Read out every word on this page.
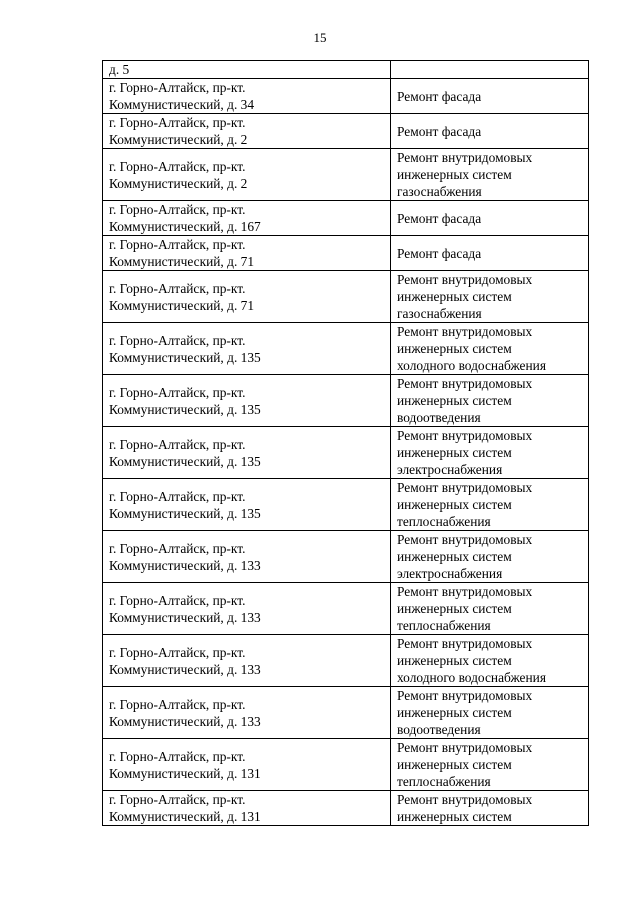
15
д. 5	
г. Горно-Алтайск, пр-кт.
Коммунистический, д. 34	Ремонт фасада
г. Горно-Алтайск, пр-кт.
Коммунистический, д. 2	Ремонт фасада
г. Горно-Алтайск, пр-кт.
Коммунистический, д. 2	Ремонт внутридомовых
инженерных систем
газоснабжения
г. Горно-Алтайск, пр-кт.
Коммунистический, д. 167	Ремонт фасада
г. Горно-Алтайск, пр-кт.
Коммунистический, д. 71	Ремонт фасада
г. Горно-Алтайск, пр-кт.
Коммунистический, д. 71	Ремонт внутридомовых
инженерных систем
газоснабжения
г. Горно-Алтайск, пр-кт.
Коммунистический, д. 135	Ремонт внутридомовых
инженерных систем
холодного водоснабжения
г. Горно-Алтайск, пр-кт.
Коммунистический, д. 135	Ремонт внутридомовых
инженерных систем
водоотведения
г. Горно-Алтайск, пр-кт.
Коммунистический, д. 135	Ремонт внутридомовых
инженерных систем
электроснабжения
г. Горно-Алтайск, пр-кт.
Коммунистический, д. 135	Ремонт внутридомовых
инженерных систем
теплоснабжения
г. Горно-Алтайск, пр-кт.
Коммунистический, д. 133	Ремонт внутридомовых
инженерных систем
электроснабжения
г. Горно-Алтайск, пр-кт.
Коммунистический, д. 133	Ремонт внутридомовых
инженерных систем
теплоснабжения
г. Горно-Алтайск, пр-кт.
Коммунистический, д. 133	Ремонт внутридомовых
инженерных систем
холодного водоснабжения
г. Горно-Алтайск, пр-кт.
Коммунистический, д. 133	Ремонт внутридомовых
инженерных систем
водоотведения
г. Горно-Алтайск, пр-кт.
Коммунистический, д. 131	Ремонт внутридомовых
инженерных систем
теплоснабжения
г. Горно-Алтайск, пр-кт.
Коммунистический, д. 131	Ремонт внутридомовых
инженерных систем
